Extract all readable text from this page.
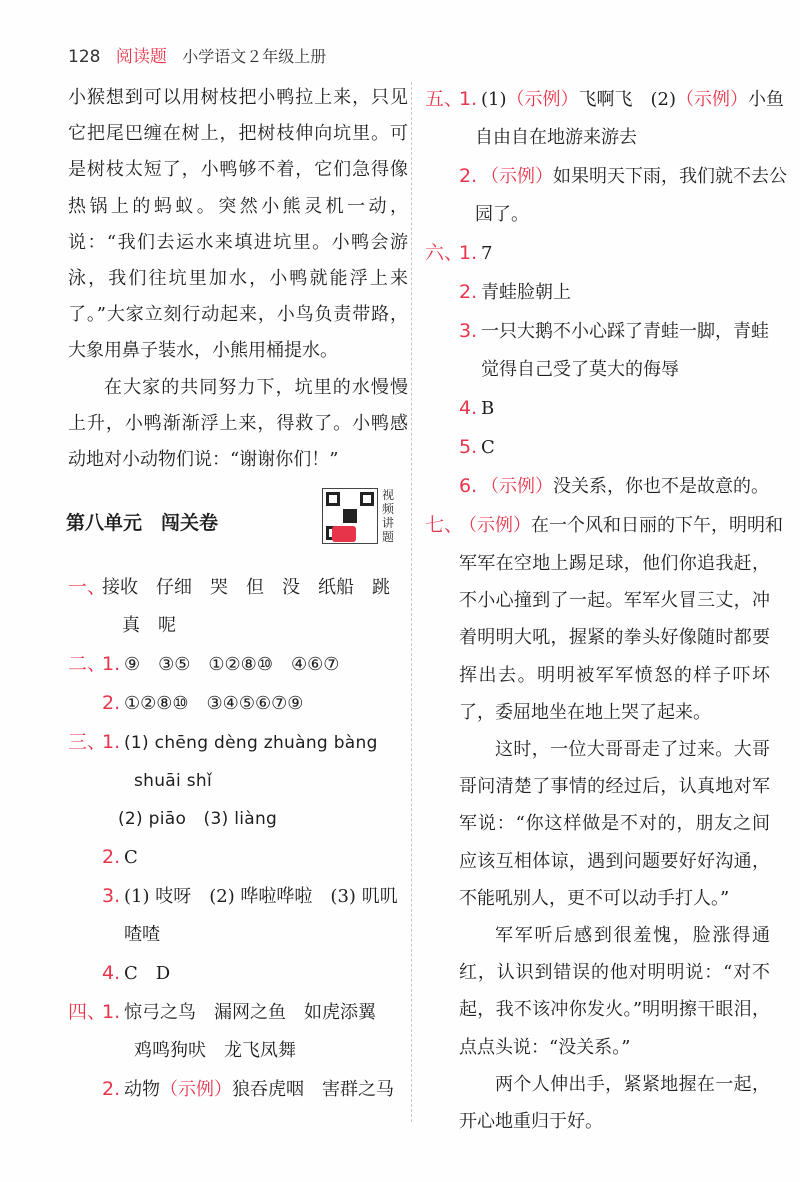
128 阅读题 小学语文２年级上册
小猴想到可以用树枝把小鸭拉上来，只见它把尾巴缠在树上，把树枝伸向坑里。可是树枝太短了，小鸭够不着，它们急得像热锅上的蚂蚁。突然小熊灵机一动，说：“我们去运水来填进坑里。小鸭会游泳，我们往坑里加水，小鸭就能浮上来了。”大家立刻行动起来，小鸟负责带路，大象用鼻子装水，小熊用桶提水。
在大家的共同努力下，坑里的水慢慢上升，小鸭渐渐浮上来，得救了。小鸭感动地对小动物们说：“谢谢你们！”
第八单元　闯关卷
视频讲题
一、接收　仔细　哭　但　没　纸船　跳
真　呢
二、1. ⑨　③⑤　①②⑧⑩　④⑥⑦
2. ①②⑧⑩　③④⑤⑥⑦⑨
三、1. (1) chēng dèng zhuàng bàng
shuāi shǐ
(2) piāo　(3) liàng
2. C
3. (1) 吱呀　(2) 哗啦哗啦　(3) 叽叽
喳喳
4. C　D
四、1. 惊弓之鸟　漏网之鱼　如虎添翼
鸡鸣狗吠　龙飞凤舞
2. 动物（示例）狼吞虎咽　害群之马
五、1. (1)（示例）飞啊飞　(2)（示例）小鱼
自由自在地游来游去
2. （示例）如果明天下雨，我们就不去公
园了。
六、1. 7
2. 青蛙脸朝上
3. 一只大鹅不小心踩了青蛙一脚，青蛙
觉得自己受了莫大的侮辱
4. B
5. C
6. （示例）没关系，你也不是故意的。
七、（示例）在一个风和日丽的下午，明明和
军军在空地上踢足球，他们你追我赶，不小心撞到了一起。军军火冒三丈，冲着明明大吼，握紧的拳头好像随时都要挥出去。明明被军军愤怒的样子吓坏了，委屈地坐在地上哭了起来。
这时，一位大哥哥走了过来。大哥哥问清楚了事情的经过后，认真地对军军说：“你这样做是不对的，朋友之间应该互相体谅，遇到问题要好好沟通，不能吼别人，更不可以动手打人。”
军军听后感到很羞愧，脸涨得通红，认识到错误的他对明明说：“对不起，我不该冲你发火。”明明擦干眼泪，点点头说：“没关系。”
两个人伸出手，紧紧地握在一起，开心地重归于好。
